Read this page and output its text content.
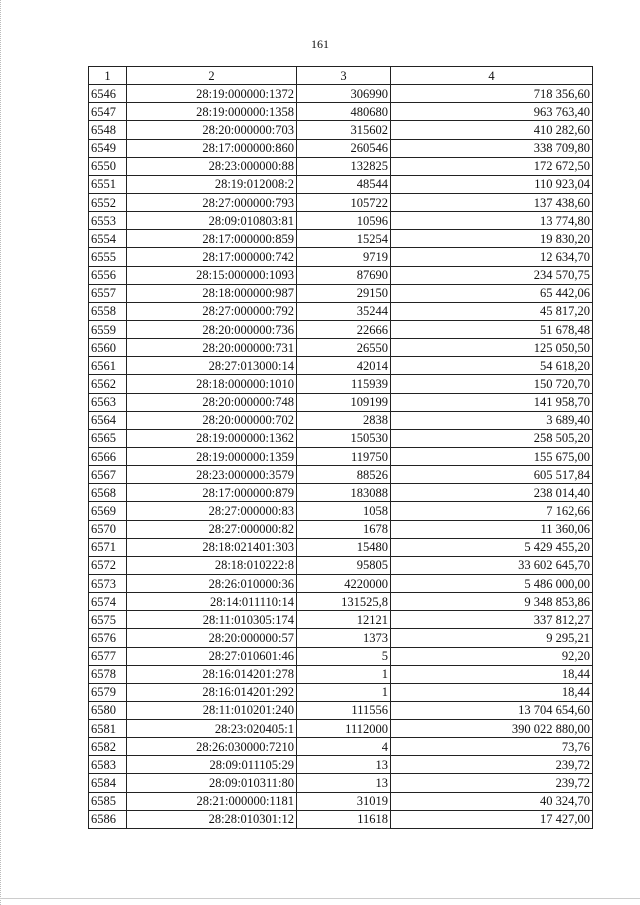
161
1	2	3	4
6546	28:19:000000:1372	306990	718 356,60
6547	28:19:000000:1358	480680	963 763,40
6548	28:20:000000:703	315602	410 282,60
6549	28:17:000000:860	260546	338 709,80
6550	28:23:000000:88	132825	172 672,50
6551	28:19:012008:2	48544	110 923,04
6552	28:27:000000:793	105722	137 438,60
6553	28:09:010803:81	10596	13 774,80
6554	28:17:000000:859	15254	19 830,20
6555	28:17:000000:742	9719	12 634,70
6556	28:15:000000:1093	87690	234 570,75
6557	28:18:000000:987	29150	65 442,06
6558	28:27:000000:792	35244	45 817,20
6559	28:20:000000:736	22666	51 678,48
6560	28:20:000000:731	26550	125 050,50
6561	28:27:013000:14	42014	54 618,20
6562	28:18:000000:1010	115939	150 720,70
6563	28:20:000000:748	109199	141 958,70
6564	28:20:000000:702	2838	3 689,40
6565	28:19:000000:1362	150530	258 505,20
6566	28:19:000000:1359	119750	155 675,00
6567	28:23:000000:3579	88526	605 517,84
6568	28:17:000000:879	183088	238 014,40
6569	28:27:000000:83	1058	7 162,66
6570	28:27:000000:82	1678	11 360,06
6571	28:18:021401:303	15480	5 429 455,20
6572	28:18:010222:8	95805	33 602 645,70
6573	28:26:010000:36	4220000	5 486 000,00
6574	28:14:011110:14	131525,8	9 348 853,86
6575	28:11:010305:174	12121	337 812,27
6576	28:20:000000:57	1373	9 295,21
6577	28:27:010601:46	5	92,20
6578	28:16:014201:278	1	18,44
6579	28:16:014201:292	1	18,44
6580	28:11:010201:240	111556	13 704 654,60
6581	28:23:020405:1	1112000	390 022 880,00
6582	28:26:030000:7210	4	73,76
6583	28:09:011105:29	13	239,72
6584	28:09:010311:80	13	239,72
6585	28:21:000000:1181	31019	40 324,70
6586	28:28:010301:12	11618	17 427,00
